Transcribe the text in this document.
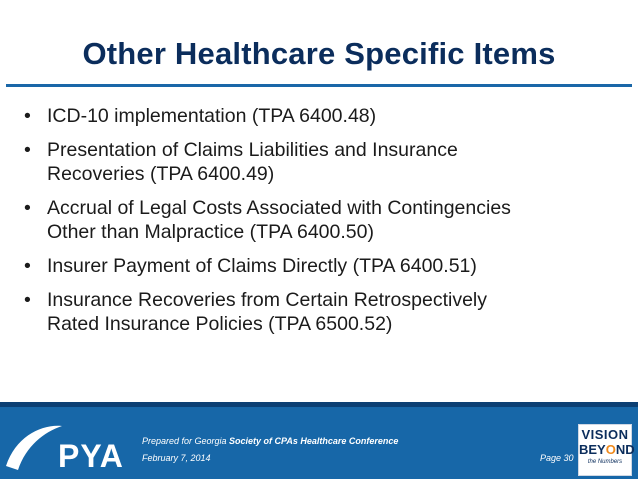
Other Healthcare Specific Items
• ICD-10 implementation (TPA 6400.48)
• Presentation of Claims Liabilities and Insurance
Recoveries (TPA 6400.49)
• Accrual of Legal Costs Associated with Contingencies
Other than Malpractice (TPA 6400.50)
• Insurer Payment of Claims Directly (TPA 6400.51)
• Insurance Recoveries from Certain Retrospectively
Rated Insurance Policies (TPA 6500.52)
PYA Prepared for Georgia Society of CPAs Healthcare Conference
February 7, 2014	Page 30
VISION
BEYOND
the Numbers
